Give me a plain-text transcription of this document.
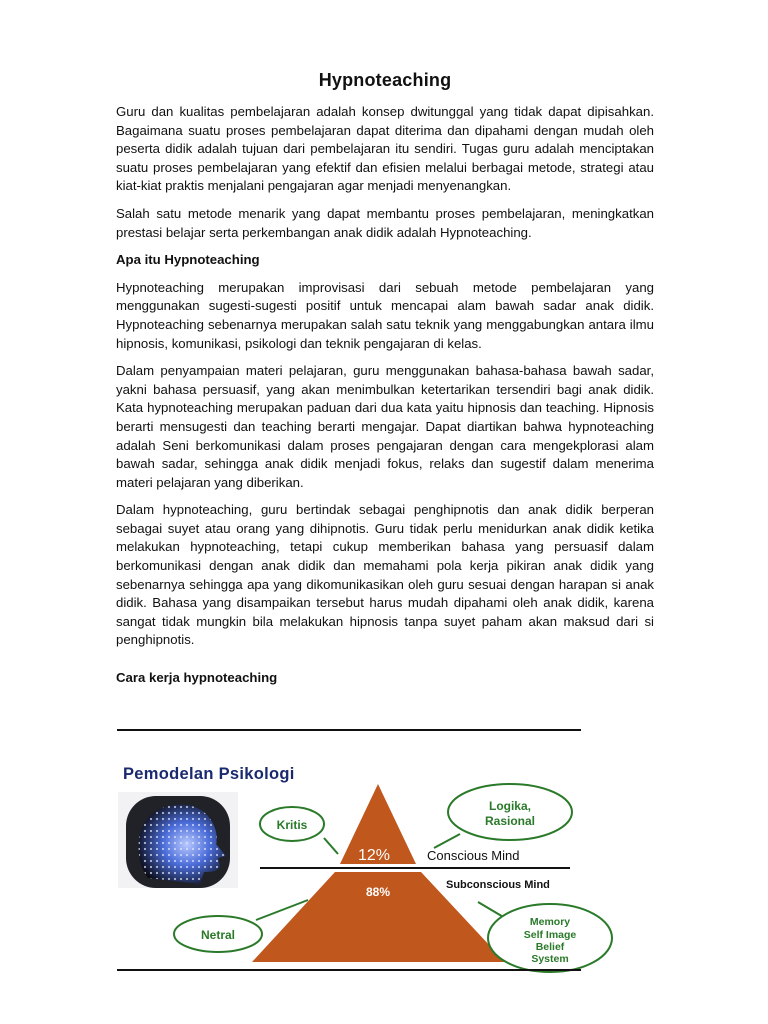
Hypnoteaching

Guru dan kualitas pembelajaran adalah konsep dwitunggal yang tidak dapat dipisahkan. Bagaimana suatu proses pembelajaran dapat diterima dan dipahami dengan mudah oleh peserta didik adalah tujuan dari pembelajaran itu sendiri. Tugas guru adalah menciptakan suatu proses pembelajaran yang efektif dan efisien melalui berbagai metode, strategi atau kiat-kiat praktis menjalani pengajaran agar menjadi menyenangkan.

Salah satu metode menarik yang dapat membantu proses pembelajaran, meningkatkan prestasi belajar serta perkembangan anak didik adalah Hypnoteaching.

Apa itu Hypnoteaching

Hypnoteaching merupakan improvisasi dari sebuah metode pembelajaran yang menggunakan sugesti-sugesti positif untuk mencapai alam bawah sadar anak didik. Hypnoteaching sebenarnya merupakan salah satu teknik yang menggabungkan antara ilmu hipnosis, komunikasi, psikologi dan teknik pengajaran di kelas.

Dalam penyampaian materi pelajaran, guru menggunakan bahasa-bahasa bawah sadar, yakni bahasa persuasif, yang akan menimbulkan ketertarikan tersendiri bagi anak didik. Kata hypnoteaching merupakan paduan dari dua kata yaitu hipnosis dan teaching. Hipnosis berarti mensugesti dan teaching berarti mengajar. Dapat diartikan bahwa hypnoteaching adalah Seni berkomunikasi dalam proses pengajaran dengan cara mengekplorasi alam bawah sadar, sehingga anak didik menjadi fokus, relaks dan sugestif dalam menerima materi pelajaran yang diberikan.

Dalam hypnoteaching, guru bertindak sebagai penghipnotis dan anak didik berperan sebagai suyet atau orang yang dihipnotis. Guru tidak perlu menidurkan anak didik ketika melakukan hypnoteaching, tetapi cukup memberikan bahasa yang persuasif dalam berkomunikasi dengan anak didik dan memahami pola kerja pikiran anak didik yang sebenarnya sehingga apa yang dikomunikasikan oleh guru sesuai dengan harapan si anak didik. Bahasa yang disampaikan tersebut harus mudah dipahami oleh anak didik, karena sangat tidak mungkin bila melakukan hipnosis tanpa suyet paham akan maksud dari si penghipnotis.

Cara kerja hypnoteaching
Pemodelan Psikologi
12%
88%
Conscious Mind
Subconscious Mind
Kritis
Logika,
Rasional
Netral
Memory
Self Image
Belief
System
